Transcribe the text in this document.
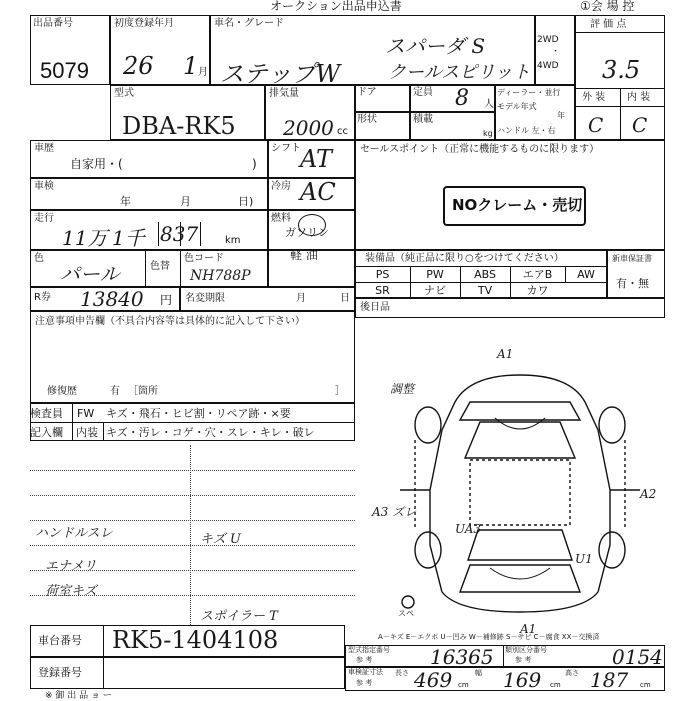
オークション出品申込書	①会 場 控
出品番号
5079
初度登録年月
26 1 月
車名・グレード
ステップW
スパーダ S
クールスピリット
2WD
・
4WD
評 価 点
3.5
外 装 内 装
C C
型式
DBA-RK5
排気量
2000 cc
ドア	定員 8 人
ディーラー・並行
モデル年式
年
ハンドル 左・右
形状	積載
kg
車歴
自家用・(	)
シフト AT	セールスポイント（正常に機能するものに限ります）
NOクレーム・売切
車検
年	月	日)
冷房 AC
走行
11万 1千 837	km
燃料
ガソリン
軽 油
色
パール	色替
色コード
NH788P
装備品（純正品に限り○をつけてください）
PS	PW	ABS	エアB	AW
SR	ナビ	TV	カワ
新車保証書
有・無
R券 13840 円 名変期限	月	日
後日品
注意事項申告欄（不具合内容等は具体的に記入して下さい）
修復歴	有 ［箇所	］
検査員 FW キズ・飛石・ヒビ割・リペア跡・×要
記入欄 内装 キズ・汚レ・コゲ・穴・スレ・キレ・破レ
ハンドルスレ
エナメリ
荷室キズ
キズ U
スポイラー T
A1
調整
A3 ズレ
UA3
A2
U1
A1
スペ
A－キズ E－エクボ U－凹み W－補修跡 S－サビ C－腐食 XX－交換済
車台番号 RK5-1404108
登録番号
型式指定番号
参 考	16365 類別区分番号
参 考	0154
車検証寸法
参 考
長さ 469 cm
幅 169 cm
高さ 187 cm
※ 御 出 品 ョ ー
